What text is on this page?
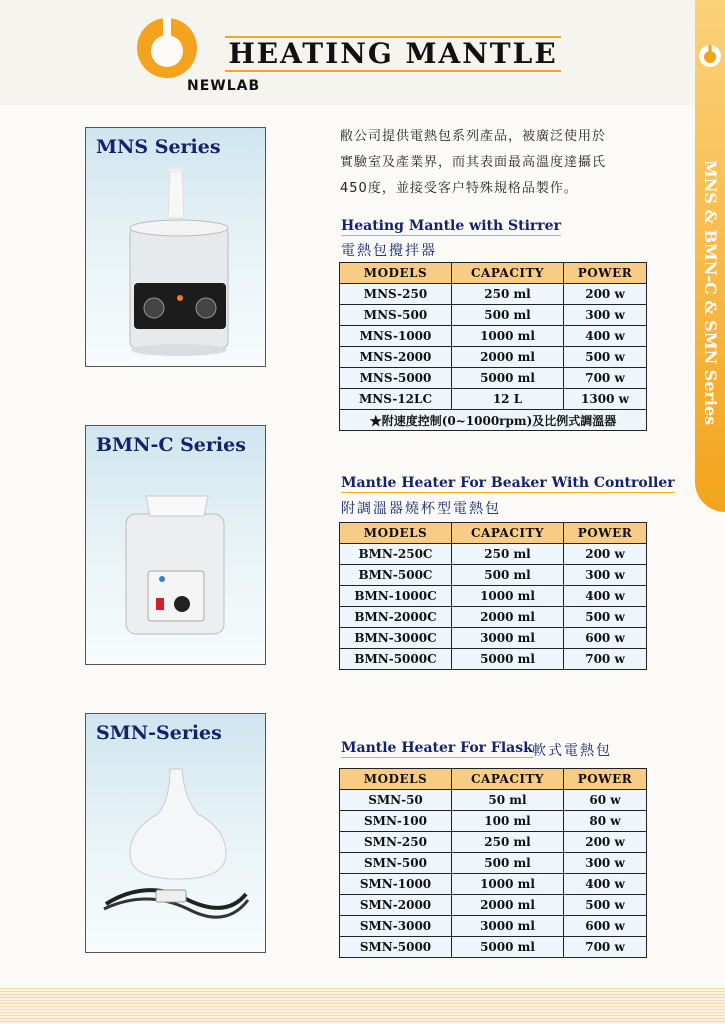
HEATING MANTLE
NEWLAB
MNS & BMN-C & SMN Series
MNS Series
BMN-C Series
SMN-Series
敝公司提供電熱包系列產品，被廣泛使用於
實驗室及產業界，而其表面最高溫度達攝氏
450度，並接受客户特殊規格品製作。
Heating Mantle with Stirrer
電熱包攪拌器
MODELS	CAPACITY	POWER
MNS-250	250 ml	200 w
MNS-500	500 ml	300 w
MNS-1000	1000 ml	400 w
MNS-2000	2000 ml	500 w
MNS-5000	5000 ml	700 w
MNS-12LC	12 L	1300 w
★附速度控制(0~1000rpm)及比例式調溫器		
Mantle Heater For Beaker With Controller
附調溫器燒杯型電熱包
MODELS	CAPACITY	POWER
BMN-250C	250 ml	200 w
BMN-500C	500 ml	300 w
BMN-1000C	1000 ml	400 w
BMN-2000C	2000 ml	500 w
BMN-3000C	3000 ml	600 w
BMN-5000C	5000 ml	700 w
Mantle Heater For Flask 軟式電熱包
MODELS	CAPACITY	POWER
SMN-50	50 ml	60 w
SMN-100	100 ml	80 w
SMN-250	250 ml	200 w
SMN-500	500 ml	300 w
SMN-1000	1000 ml	400 w
SMN-2000	2000 ml	500 w
SMN-3000	3000 ml	600 w
SMN-5000	5000 ml	700 w
